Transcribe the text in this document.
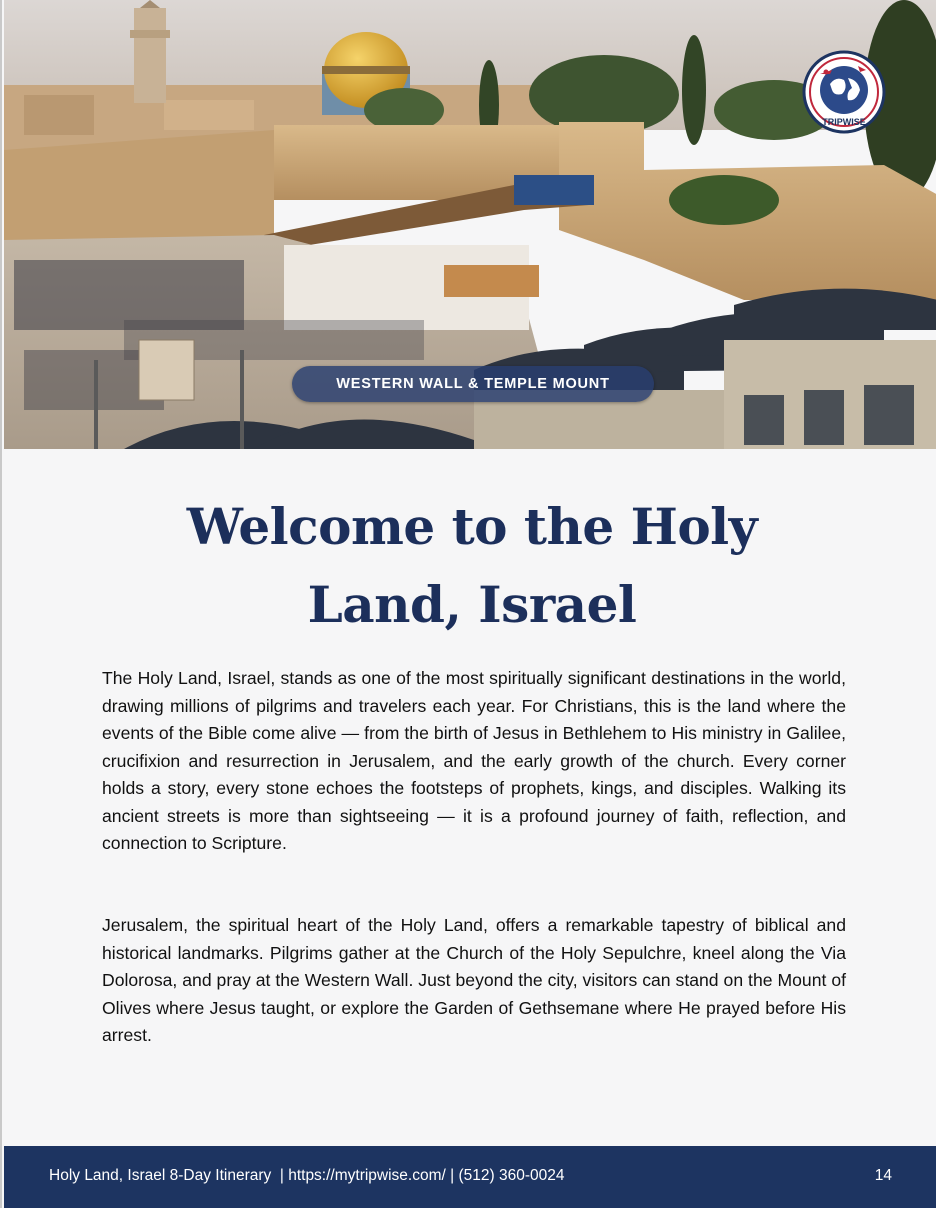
WESTERN WALL & TEMPLE MOUNT
TRIPWISE
Welcome to the Holy Land, Israel

The Holy Land, Israel, stands as one of the most spiritually significant destinations in the world, drawing millions of pilgrims and travelers each year. For Christians, this is the land where the events of the Bible come alive — from the birth of Jesus in Bethlehem to His ministry in Galilee, crucifixion and resurrection in Jerusalem, and the early growth of the church. Every corner holds a story, every stone echoes the footsteps of prophets, kings, and disciples. Walking its ancient streets is more than sightseeing — it is a profound journey of faith, reflection, and connection to Scripture.

Jerusalem, the spiritual heart of the Holy Land, offers a remarkable tapestry of biblical and historical landmarks. Pilgrims gather at the Church of the Holy Sepulchre, kneel along the Via Dolorosa, and pray at the Western Wall. Just beyond the city, visitors can stand on the Mount of Olives where Jesus taught, or explore the Garden of Gethsemane where He prayed before His arrest.

Holy Land, Israel 8-Day Itinerary  | https://mytripwise.com/ | (512) 360-0024	14
